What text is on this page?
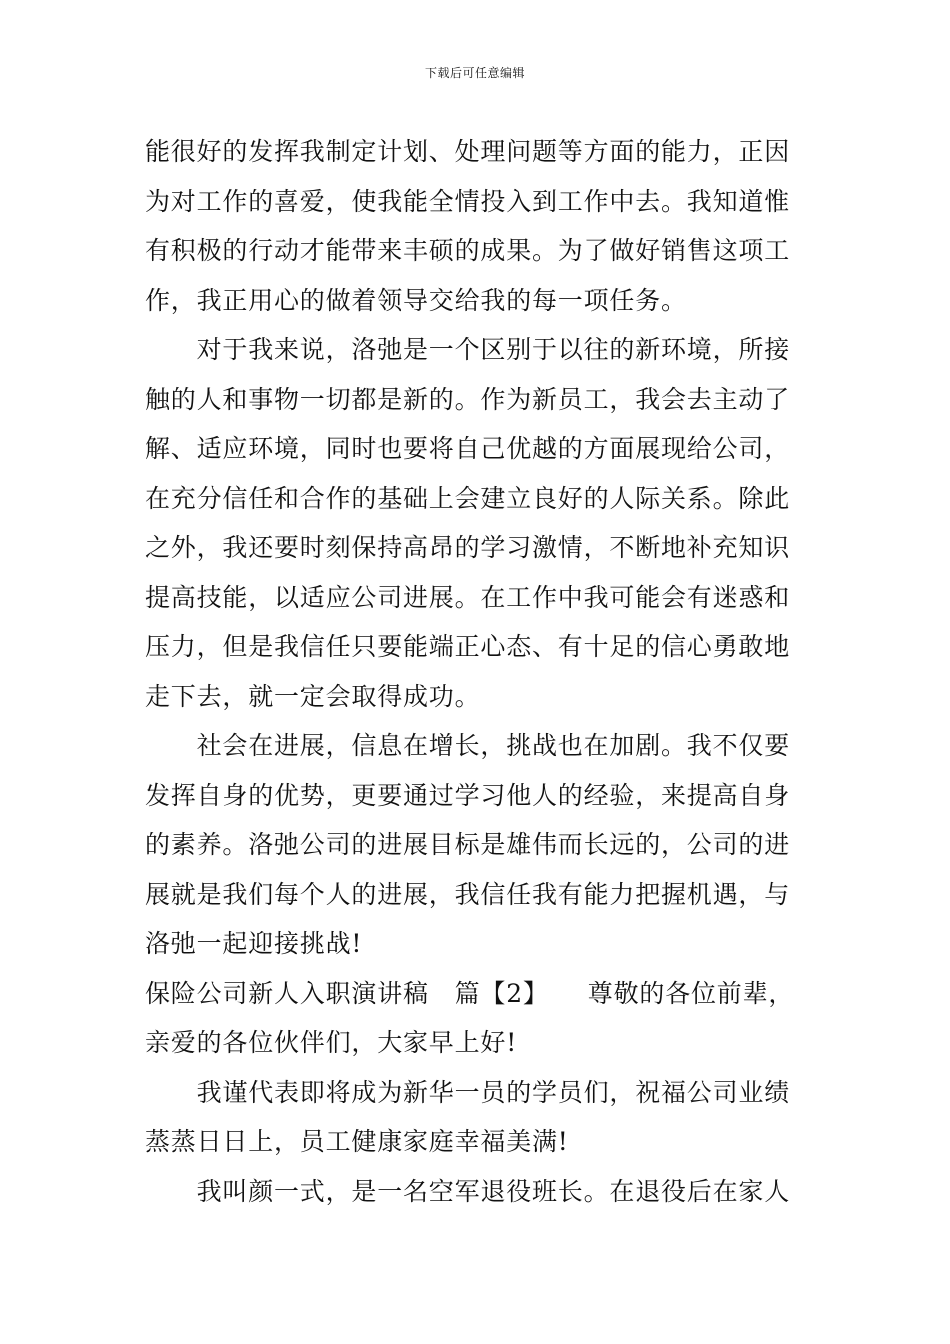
下载后可任意编辑
能很好的发挥我制定计划、处理问题等方面的能力，正因
为对工作的喜爱，使我能全情投入到工作中去。我知道惟
有积极的行动才能带来丰硕的成果。为了做好销售这项工
作，我正用心的做着领导交给我的每一项任务。
　　对于我来说，洛弛是一个区别于以往的新环境，所接
触的人和事物一切都是新的。作为新员工，我会去主动了
解、适应环境，同时也要将自己优越的方面展现给公司，
在充分信任和合作的基础上会建立良好的人际关系。除此
之外，我还要时刻保持高昂的学习激情，不断地补充知识
提高技能，以适应公司进展。在工作中我可能会有迷惑和
压力，但是我信任只要能端正心态、有十足的信心勇敢地
走下去，就一定会取得成功。
　　社会在进展，信息在增长，挑战也在加剧。我不仅要
发挥自身的优势，更要通过学习他人的经验，来提高自身
的素养。洛弛公司的进展目标是雄伟而长远的，公司的进
展就是我们每个人的进展，我信任我有能力把握机遇，与
洛弛一起迎接挑战!
保险公司新人入职演讲稿　篇【2】　　尊敬的各位前辈，
亲爱的各位伙伴们，大家早上好!
　　我谨代表即将成为新华一员的学员们，祝福公司业绩
蒸蒸日日上，员工健康家庭幸福美满!
　　我叫颜一式，是一名空军退役班长。在退役后在家人
